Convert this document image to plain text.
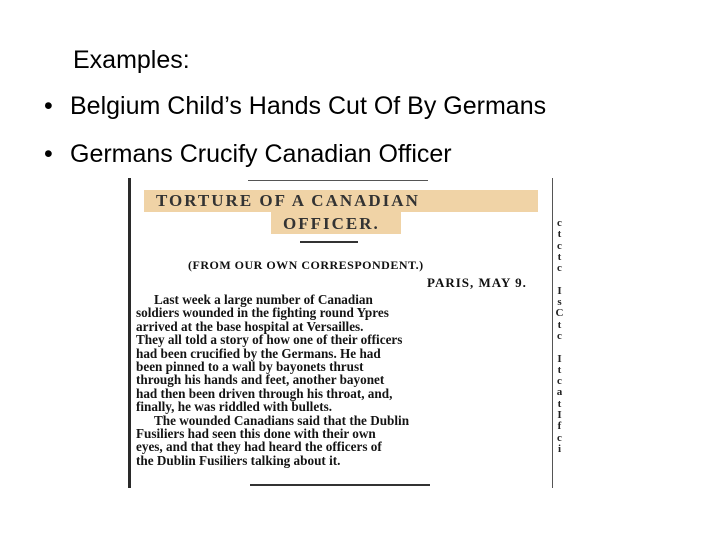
Examples:
• Belgium Child’s Hands Cut Of By Germans
• Germans Crucify Canadian Officer
TORTURE OF A CANADIAN
OFFICER.
(FROM OUR OWN CORRESPONDENT.)
PARIS, MAY 9.
Last week a large number of Canadian
soldiers wounded in the fighting round Ypres
arrived at the base hospital at Versailles.
They all told a story of how one of their officers
had been crucified by the Germans. He had
been pinned to a wall by bayonets thrust
through his hands and feet, another bayonet
had then been driven through his throat, and,
finally, he was riddled with bullets.
The wounded Canadians said that the Dublin
Fusiliers had seen this done with their own
eyes, and that they had heard the officers of
the Dublin Fusiliers talking about it.
c
t
c
t
c

I
s
C
t
c

I
t
c
a
t
I
f
c
i
